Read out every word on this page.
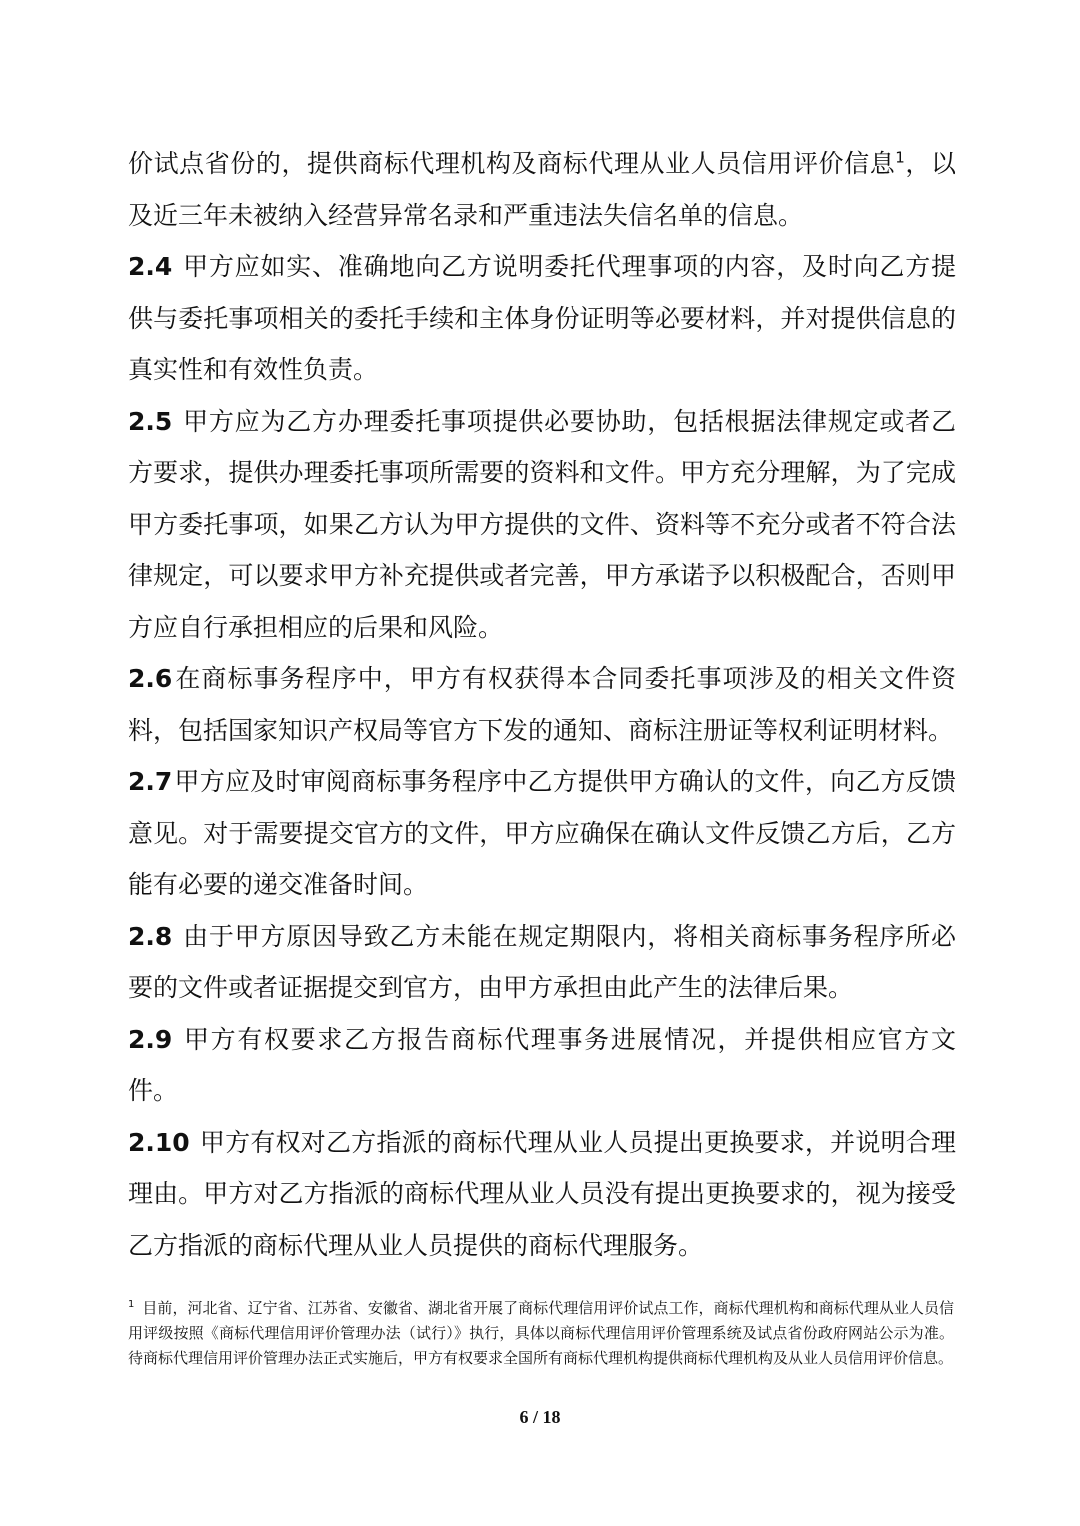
价试点省份的，提供商标代理机构及商标代理从业人员信用评价信息$^1$，以及近三年未被纳入经营异常名录和严重违法失信名单的信息。

2.4 甲方应如实、准确地向乙方说明委托代理事项的内容，及时向乙方提供与委托事项相关的委托手续和主体身份证明等必要材料，并对提供信息的真实性和有效性负责。

2.5 甲方应为乙方办理委托事项提供必要协助，包括根据法律规定或者乙方要求，提供办理委托事项所需要的资料和文件。甲方充分理解，为了完成甲方委托事项，如果乙方认为甲方提供的文件、资料等不充分或者不符合法律规定，可以要求甲方补充提供或者完善，甲方承诺予以积极配合，否则甲方应自行承担相应的后果和风险。

2.6在商标事务程序中，甲方有权获得本合同委托事项涉及的相关文件资料，包括国家知识产权局等官方下发的通知、商标注册证等权利证明材料。

2.7甲方应及时审阅商标事务程序中乙方提供甲方确认的文件，向乙方反馈意见。对于需要提交官方的文件，甲方应确保在确认文件反馈乙方后，乙方能有必要的递交准备时间。

2.8 由于甲方原因导致乙方未能在规定期限内，将相关商标事务程序所必要的文件或者证据提交到官方，由甲方承担由此产生的法律后果。

2.9 甲方有权要求乙方报告商标代理事务进展情况，并提供相应官方文件。

2.10 甲方有权对乙方指派的商标代理从业人员提出更换要求，并说明合理理由。甲方对乙方指派的商标代理从业人员没有提出更换要求的，视为接受乙方指派的商标代理从业人员提供的商标代理服务。

$^1$ 目前，河北省、辽宁省、江苏省、安徽省、湖北省开展了商标代理信用评价试点工作，商标代理机构和商标代理从业人员信用评级按照《商标代理信用评价管理办法（试行）》执行，具体以商标代理信用评价管理系统及试点省份政府网站公示为准。待商标代理信用评价管理办法正式实施后，甲方有权要求全国所有商标代理机构提供商标代理机构及从业人员信用评价信息。
6 / 18
